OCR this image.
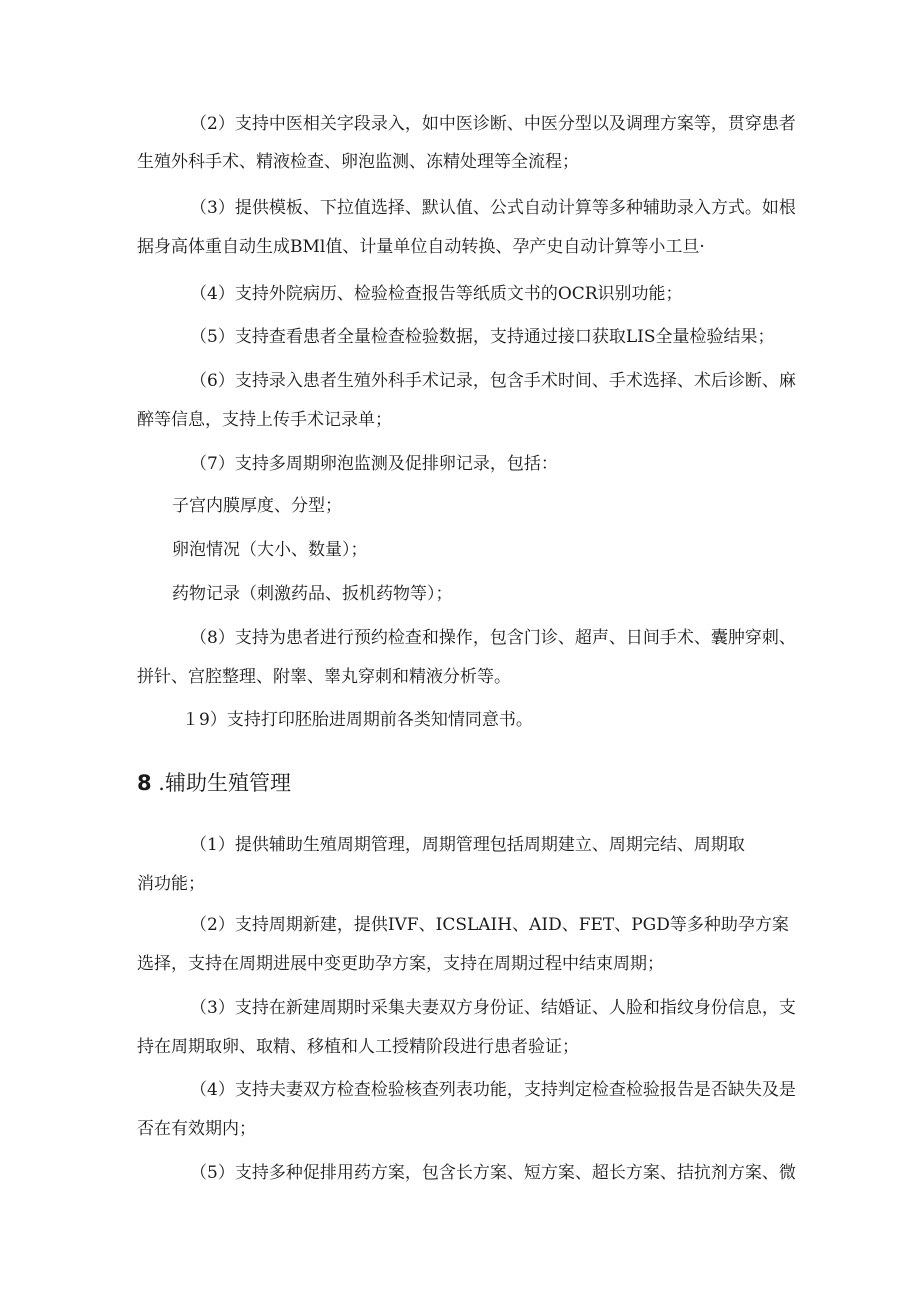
（2）支持中医相关字段录入，如中医诊断、中医分型以及调理方案等，贯穿患者

生殖外科手术、精液检查、卵泡监测、冻精处理等全流程；

（3）提供模板、下拉值选择、默认值、公式自动计算等多种辅助录入方式。如根

据身高体重自动生成BMl值、计量单位自动转换、孕产史自动计算等小工旦·

（4）支持外院病历、检验检查报告等纸质文书的OCR识别功能；

（5）支持查看患者全量检查检验数据，支持通过接口获取LIS全量检验结果；

（6）支持录入患者生殖外科手术记录，包含手术时间、手术选择、术后诊断、麻

醉等信息，支持上传手术记录单；

（7）支持多周期卵泡监测及促排卵记录，包括：

子宫内膜厚度、分型；

卵泡情况（大小、数量）；

药物记录（刺激药品、扳机药物等）；

（8）支持为患者进行预约检查和操作，包含门诊、超声、日间手术、囊肿穿刺、

拼针、宫腔整理、附睾、睾丸穿刺和精液分析等。

１9）支持打印胚胎进周期前各类知情同意书。

8 .辅助生殖管理

（1）提供辅助生殖周期管理，周期管理包括周期建立、周期完结、周期取

消功能；

（2）支持周期新建，提供IVF、ICSLAIH、AID、FET、PGD等多种助孕方案

选择，支持在周期进展中变更助孕方案，支持在周期过程中结束周期；

（3）支持在新建周期时采集夫妻双方身份证、结婚证、人脸和指纹身份信息，支

持在周期取卵、取精、移植和人工授精阶段进行患者验证；

（4）支持夫妻双方检查检验核查列表功能，支持判定检查检验报告是否缺失及是

否在有效期内；

（5）支持多种促排用药方案，包含长方案、短方案、超长方案、拮抗剂方案、微
